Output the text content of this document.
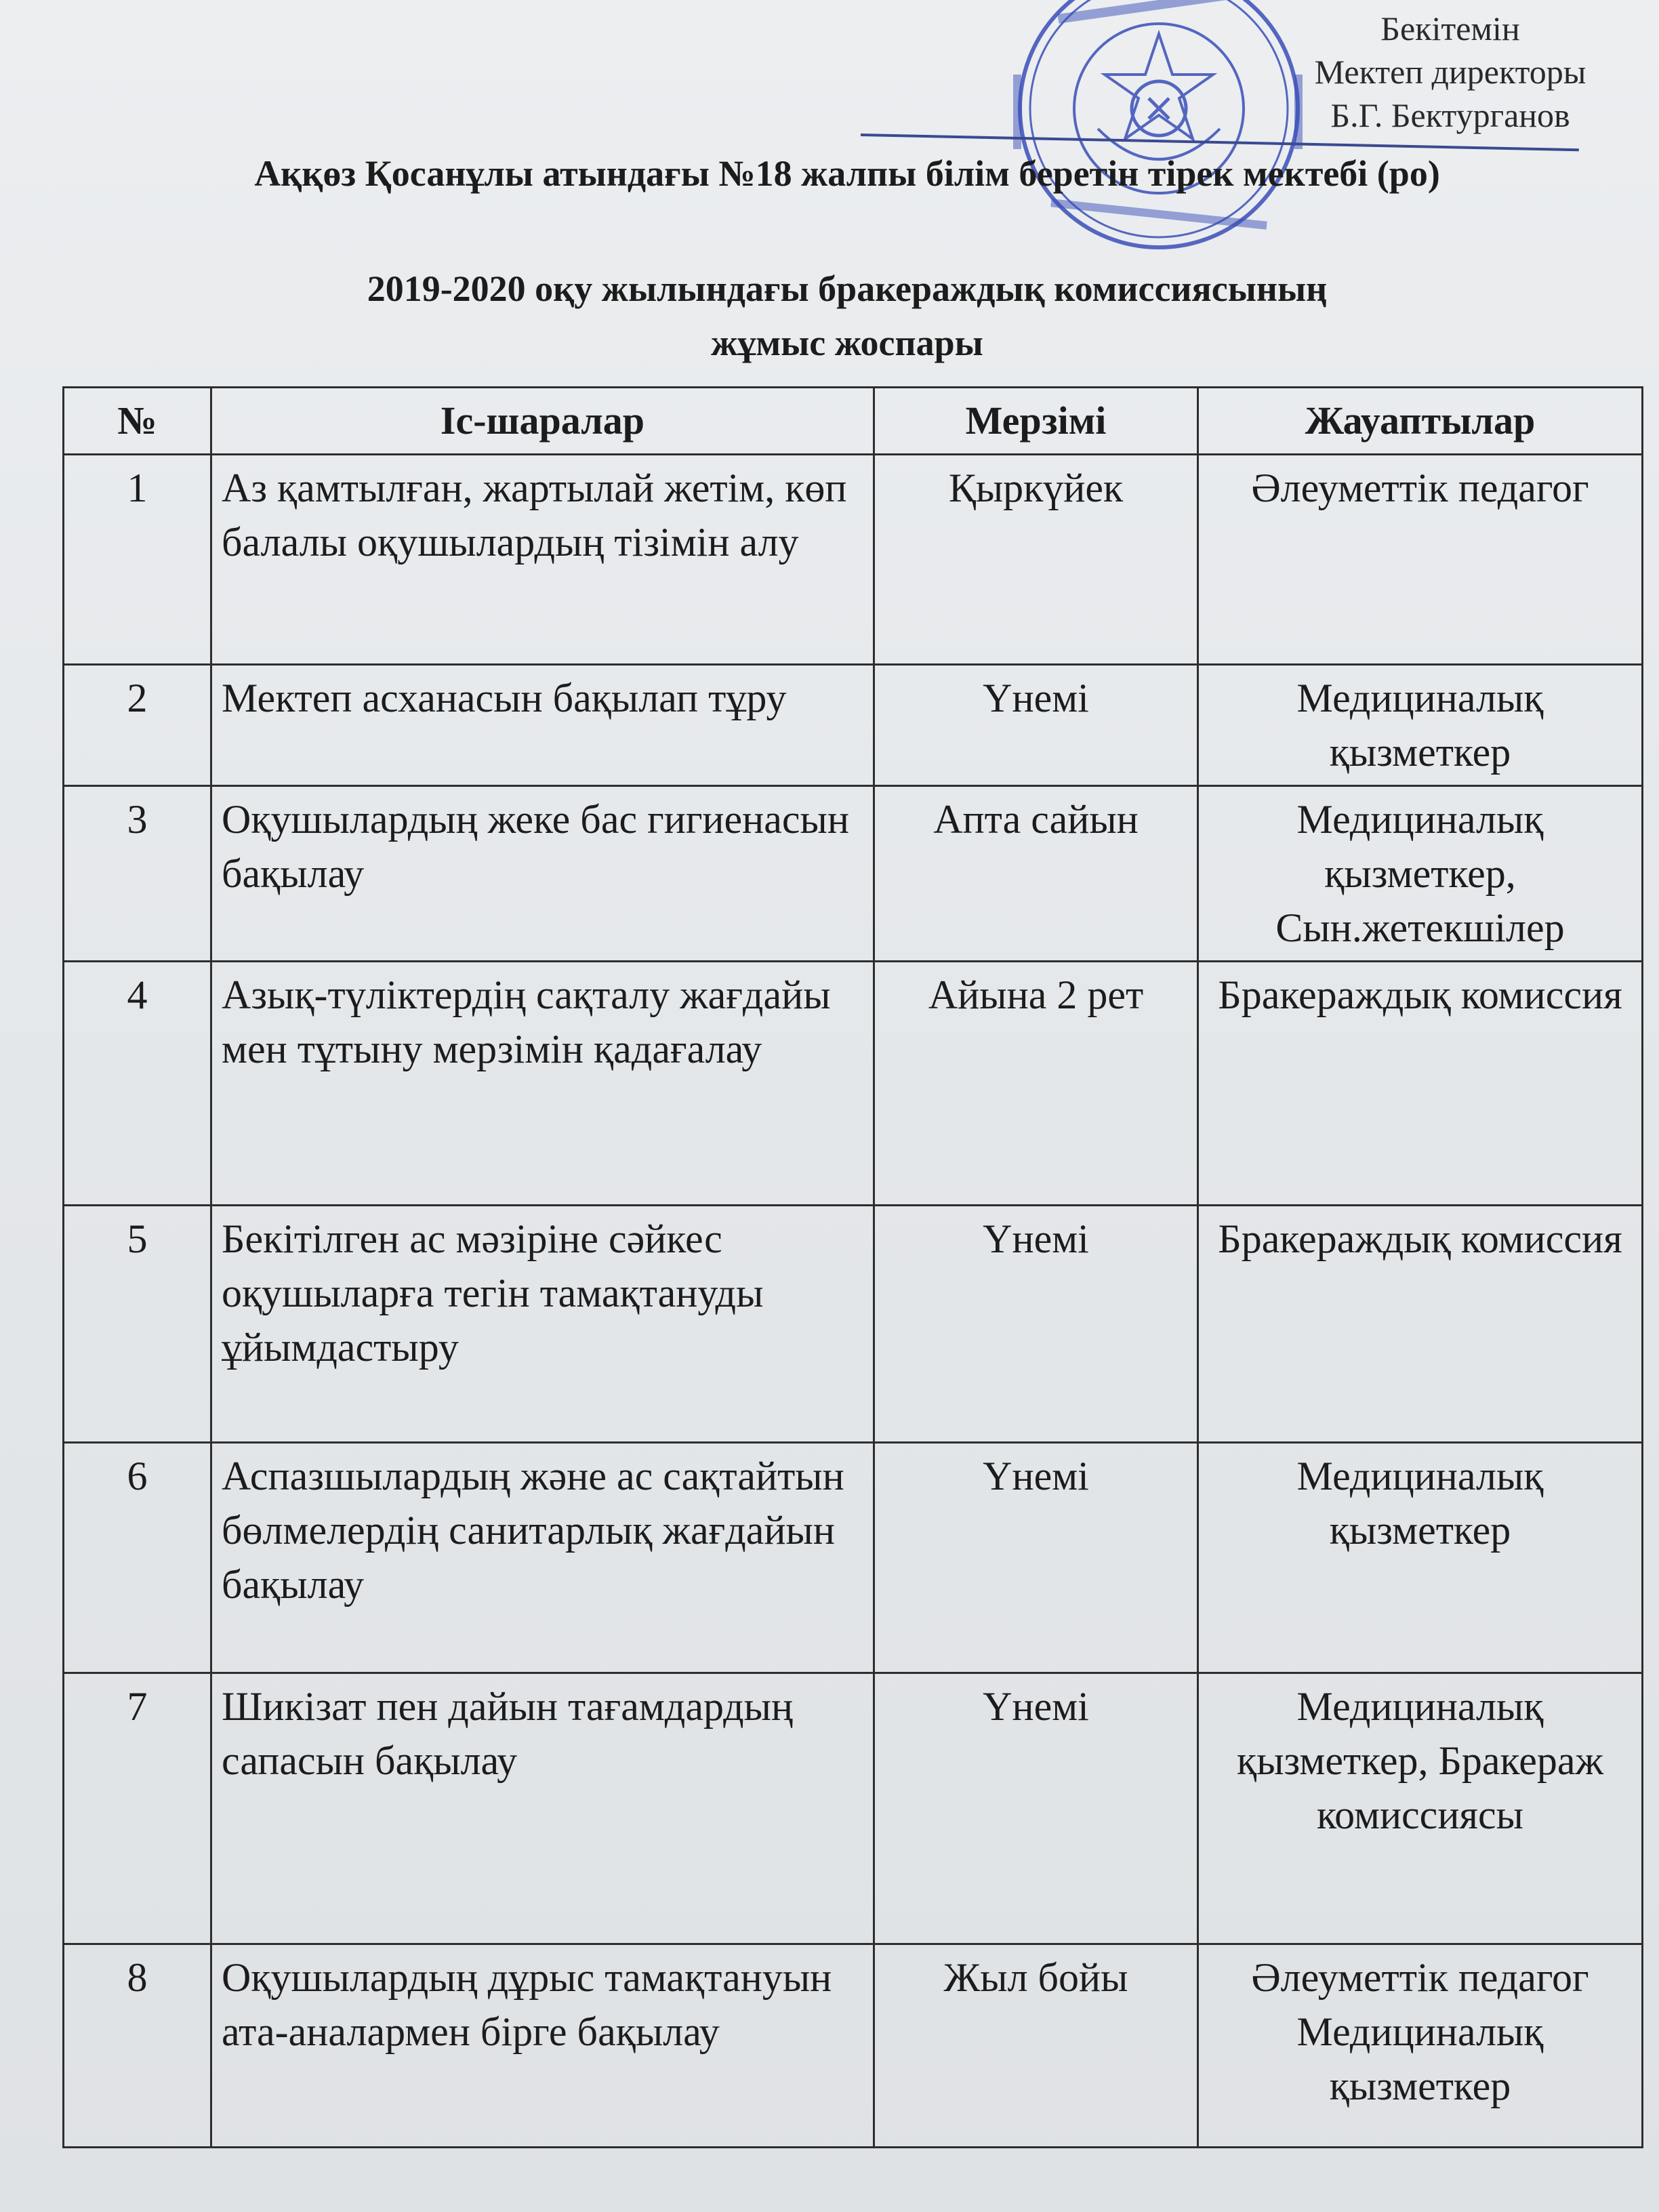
Бекітемін
Мектеп директоры
Б.Г. Бектурганов
Аққөз Қосанұлы атындағы №18 жалпы білім беретін тірек мектебі (ро)
2019-2020 оқу жылындағы бракераждық комиссиясының
жұмыс жоспары
№	Іс-шаралар	Мерзімі	Жауаптылар
1	Аз қамтылған, жартылай жетім, көп балалы оқушылардың тізімін алу	Қыркүйек	Әлеуметтік педагог
2	Мектеп асханасын бақылап тұру	Үнемі	Медициналық қызметкер
3	Оқушылардың жеке бас гигиенасын бақылау	Апта сайын	Медициналық қызметкер, Сын.жетекшілер
4	Азық-түліктердің сақталу жағдайы мен тұтыну мерзімін қадағалау	Айына 2 рет	Бракераждық комиссия
5	Бекітілген ас мәзіріне сәйкес оқушыларға тегін тамақтануды ұйымдастыру	Үнемі	Бракераждық комиссия
6	Аспазшылардың және ас сақтайтын бөлмелердің санитарлық жағдайын бақылау	Үнемі	Медициналық қызметкер
7	Шикізат пен дайын тағамдардың сапасын бақылау	Үнемі	Медициналық қызметкер, Бракераж комиссиясы
8	Оқушылардың дұрыс тамақтануын ата-аналармен бірге бақылау	Жыл бойы	Әлеуметтік педагог Медициналық қызметкер
